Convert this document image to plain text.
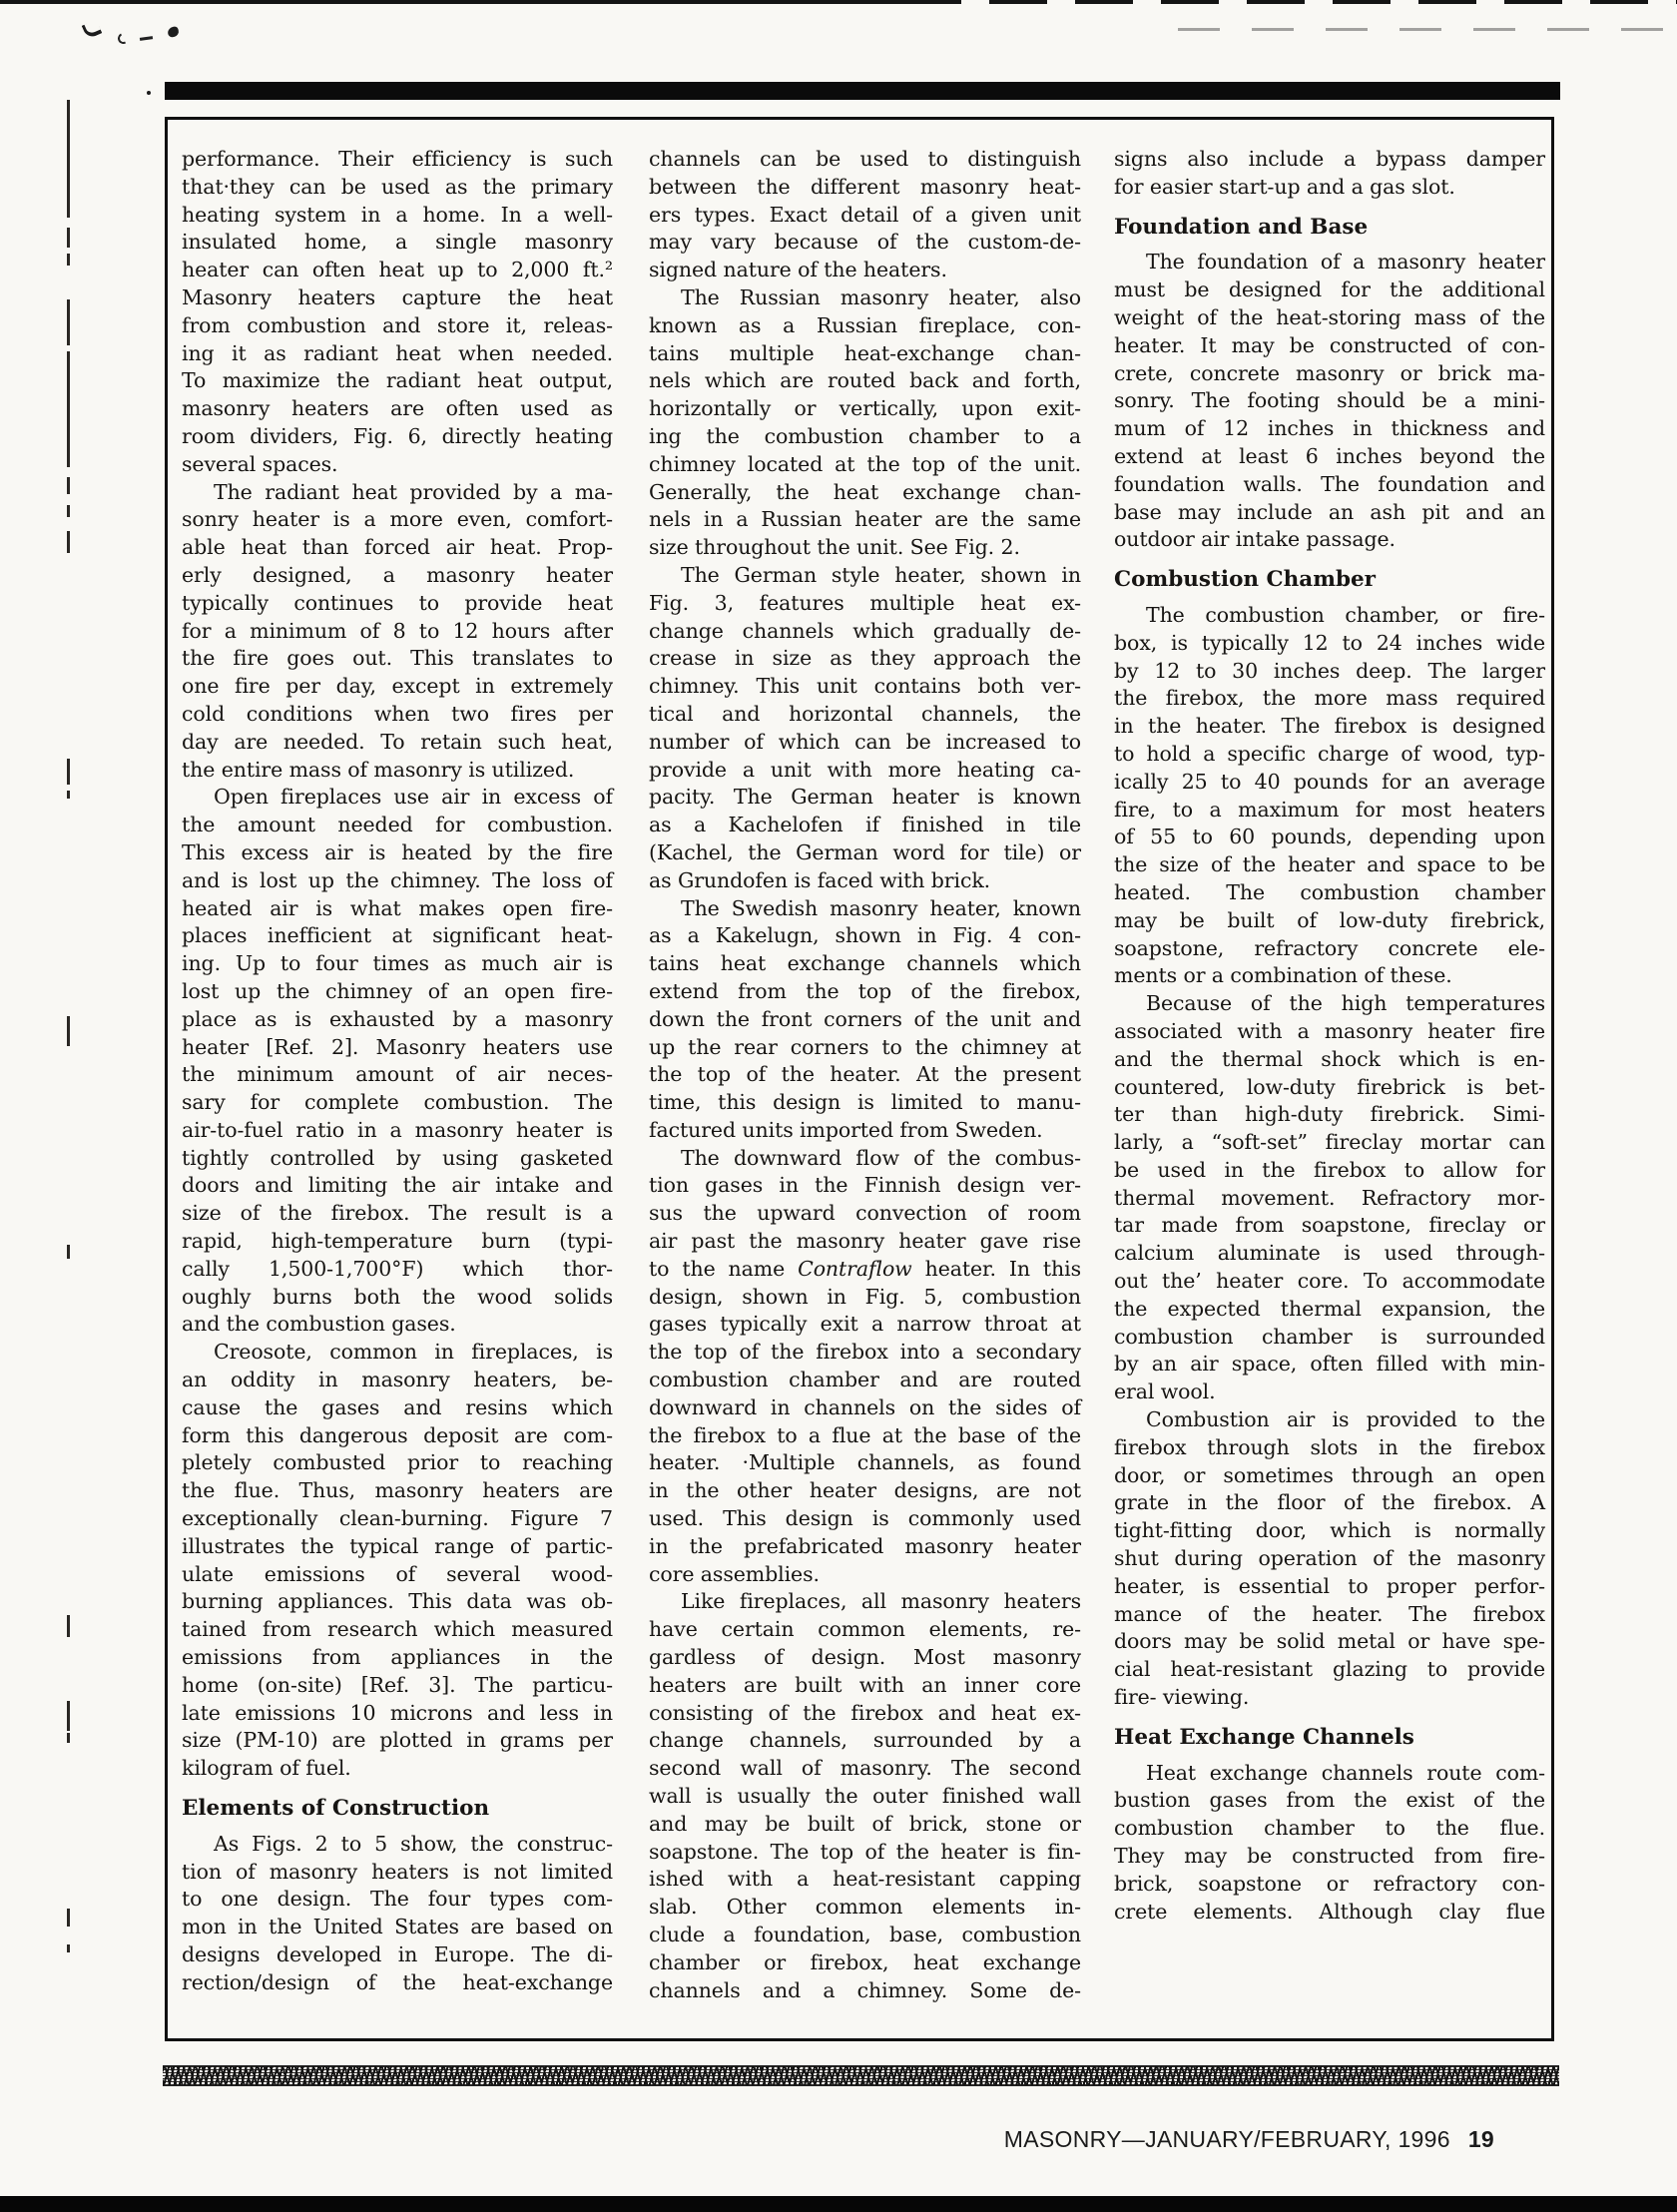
performance. Their efficiency is such
that·they can be used as the primary
heating system in a home. In a well-
insulated home, a single masonry
heater can often heat up to 2,000 ft.²
Masonry heaters capture the heat
from combustion and store it, releas-
ing it as radiant heat when needed.
To maximize the radiant heat output,
masonry heaters are often used as
room dividers, Fig. 6, directly heating
several spaces.
The radiant heat provided by a ma-
sonry heater is a more even, comfort-
able heat than forced air heat. Prop-
erly designed, a masonry heater
typically continues to provide heat
for a minimum of 8 to 12 hours after
the fire goes out. This translates to
one fire per day, except in extremely
cold conditions when two fires per
day are needed. To retain such heat,
the entire mass of masonry is utilized.
Open fireplaces use air in excess of
the amount needed for combustion.
This excess air is heated by the fire
and is lost up the chimney. The loss of
heated air is what makes open fire-
places inefficient at significant heat-
ing. Up to four times as much air is
lost up the chimney of an open fire-
place as is exhausted by a masonry
heater [Ref. 2]. Masonry heaters use
the minimum amount of air neces-
sary for complete combustion. The
air-to-fuel ratio in a masonry heater is
tightly controlled by using gasketed
doors and limiting the air intake and
size of the firebox. The result is a
rapid, high-temperature burn (typi-
cally 1,500-1,700°F) which thor-
oughly burns both the wood solids
and the combustion gases.
Creosote, common in fireplaces, is
an oddity in masonry heaters, be-
cause the gases and resins which
form this dangerous deposit are com-
pletely combusted prior to reaching
the flue. Thus, masonry heaters are
exceptionally clean-burning. Figure 7
illustrates the typical range of partic-
ulate emissions of several wood-
burning appliances. This data was ob-
tained from research which measured
emissions from appliances in the
home (on-site) [Ref. 3]. The particu-
late emissions 10 microns and less in
size (PM-10) are plotted in grams per
kilogram of fuel.
Elements of Construction
As Figs. 2 to 5 show, the construc-
tion of masonry heaters is not limited
to one design. The four types com-
mon in the United States are based on
designs developed in Europe. The di-
rection/design of the heat-exchange
channels can be used to distinguish
between the different masonry heat-
ers types. Exact detail of a given unit
may vary because of the custom-de-
signed nature of the heaters.
The Russian masonry heater, also
known as a Russian fireplace, con-
tains multiple heat-exchange chan-
nels which are routed back and forth,
horizontally or vertically, upon exit-
ing the combustion chamber to a
chimney located at the top of the unit.
Generally, the heat exchange chan-
nels in a Russian heater are the same
size throughout the unit. See Fig. 2.
The German style heater, shown in
Fig. 3, features multiple heat ex-
change channels which gradually de-
crease in size as they approach the
chimney. This unit contains both ver-
tical and horizontal channels, the
number of which can be increased to
provide a unit with more heating ca-
pacity. The German heater is known
as a Kachelofen if finished in tile
(Kachel, the German word for tile) or
as Grundofen is faced with brick.
The Swedish masonry heater, known
as a Kakelugn, shown in Fig. 4 con-
tains heat exchange channels which
extend from the top of the firebox,
down the front corners of the unit and
up the rear corners to the chimney at
the top of the heater. At the present
time, this design is limited to manu-
factured units imported from Sweden.
The downward flow of the combus-
tion gases in the Finnish design ver-
sus the upward convection of room
air past the masonry heater gave rise
to the name Contraflow heater. In this
design, shown in Fig. 5, combustion
gases typically exit a narrow throat at
the top of the firebox into a secondary
combustion chamber and are routed
downward in channels on the sides of
the firebox to a flue at the base of the
heater. ·Multiple channels, as found
in the other heater designs, are not
used. This design is commonly used
in the prefabricated masonry heater
core assemblies.
Like fireplaces, all masonry heaters
have certain common elements, re-
gardless of design. Most masonry
heaters are built with an inner core
consisting of the firebox and heat ex-
change channels, surrounded by a
second wall of masonry. The second
wall is usually the outer finished wall
and may be built of brick, stone or
soapstone. The top of the heater is fin-
ished with a heat-resistant capping
slab. Other common elements in-
clude a foundation, base, combustion
chamber or firebox, heat exchange
channels and a chimney. Some de-
signs also include a bypass damper
for easier start-up and a gas slot.
Foundation and Base
The foundation of a masonry heater
must be designed for the additional
weight of the heat-storing mass of the
heater. It may be constructed of con-
crete, concrete masonry or brick ma-
sonry. The footing should be a mini-
mum of 12 inches in thickness and
extend at least 6 inches beyond the
foundation walls. The foundation and
base may include an ash pit and an
outdoor air intake passage.
Combustion Chamber
The combustion chamber, or fire-
box, is typically 12 to 24 inches wide
by 12 to 30 inches deep. The larger
the firebox, the more mass required
in the heater. The firebox is designed
to hold a specific charge of wood, typ-
ically 25 to 40 pounds for an average
fire, to a maximum for most heaters
of 55 to 60 pounds, depending upon
the size of the heater and space to be
heated. The combustion chamber
may be built of low-duty firebrick,
soapstone, refractory concrete ele-
ments or a combination of these.
Because of the high temperatures
associated with a masonry heater fire
and the thermal shock which is en-
countered, low-duty firebrick is bet-
ter than high-duty firebrick. Simi-
larly, a “soft-set” fireclay mortar can
be used in the firebox to allow for
thermal movement. Refractory mor-
tar made from soapstone, fireclay or
calcium aluminate is used through-
out the’ heater core. To accommodate
the expected thermal expansion, the
combustion chamber is surrounded
by an air space, often filled with min-
eral wool.
Combustion air is provided to the
firebox through slots in the firebox
door, or sometimes through an open
grate in the floor of the firebox. A
tight-fitting door, which is normally
shut during operation of the masonry
heater, is essential to proper perfor-
mance of the heater. The firebox
doors may be solid metal or have spe-
cial heat-resistant glazing to provide
fire- viewing.
Heat Exchange Channels
Heat exchange channels route com-
bustion gases from the exist of the
combustion chamber to the flue.
They may be constructed from fire-
brick, soapstone or refractory con-
crete elements. Although clay flue
MASONRY—JANUARY/FEBRUARY, 1996 19
